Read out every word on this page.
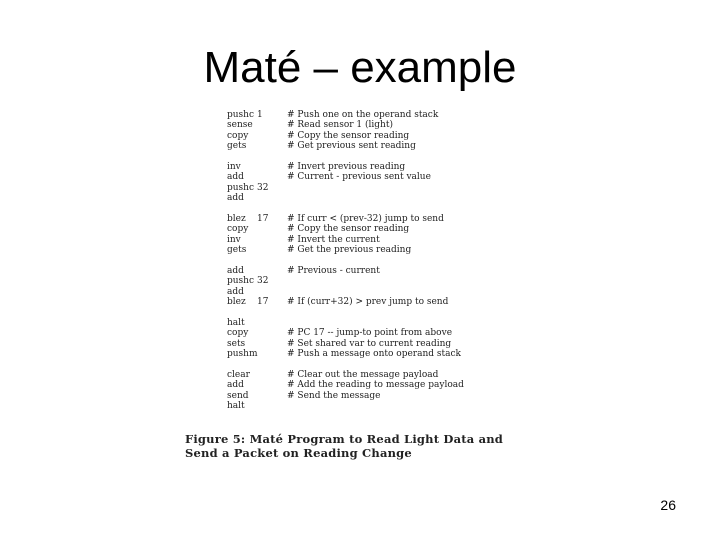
Maté – example
pushc 1	# Push one on the operand stack
sense	# Read sensor 1 (light)
copy	# Copy the sensor reading
gets	# Get previous sent reading
inv	# Invert previous reading
add	# Current - previous sent value
pushc 32
add
blez 17 # If curr < (prev-32) jump to send
copy	# Copy the sensor reading
inv	# Invert the current
gets	# Get the previous reading
add	# Previous - current
pushc 32
add
blez 17 # If (curr+32) > prev jump to send
halt
copy	# PC 17 -- jump-to point from above
sets	# Set shared var to current reading
pushm	# Push a message onto operand stack
clear	# Clear out the message payload
add	# Add the reading to message payload
send	# Send the message
halt
Figure 5: Maté Program to Read Light Data and
Send a Packet on Reading Change
26
